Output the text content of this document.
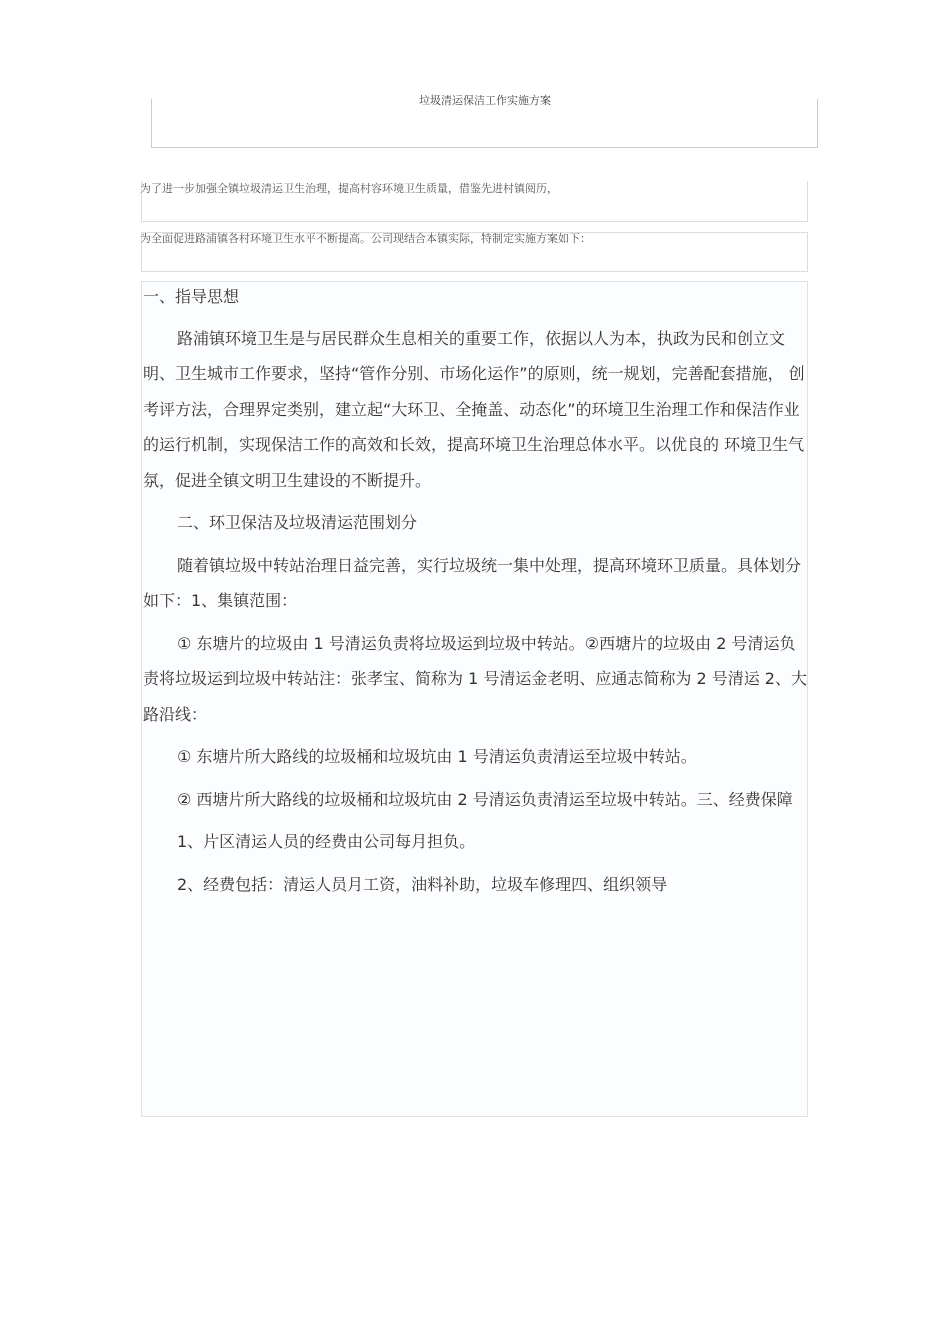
垃圾清运保洁工作实施方案
为了进一步加强全镇垃圾清运卫生治理，提高村容环境卫生质量，借鉴先进村镇阅历，
为全面促进路浦镇各村环境卫生水平不断提高。公司现结合本镇实际，特制定实施方案如下：

一、指导思想

路浦镇环境卫生是与居民群众生息相关的重要工作，依据以人为本，执政为民和创立文明、卫生城市工作要求，坚持“管作分别、市场化运作”的原则，统一规划，完善配套措施， 创考评方法，合理界定类别，建立起“大环卫、全掩盖、动态化”的环境卫生治理工作和保洁作业的运行机制，实现保洁工作的高效和长效，提高环境卫生治理总体水平。以优良的 环境卫生气氛，促进全镇文明卫生建设的不断提升。

二、环卫保洁及垃圾清运范围划分

随着镇垃圾中转站治理日益完善，实行垃圾统一集中处理，提高环境环卫质量。具体划分如下：1、集镇范围：

① 东塘片的垃圾由 1 号清运负责将垃圾运到垃圾中转站。②西塘片的垃圾由 2 号清运负责将垃圾运到垃圾中转站注：张孝宝、简称为 1 号清运金老明、应通志简称为 2 号清运 2、大路沿线：

① 东塘片所大路线的垃圾桶和垃圾坑由 1 号清运负责清运至垃圾中转站。

② 西塘片所大路线的垃圾桶和垃圾坑由 2 号清运负责清运至垃圾中转站。三、经费保障

1、片区清运人员的经费由公司每月担负。

2、经费包括：清运人员月工资，油料补助，垃圾车修理四、组织领导
